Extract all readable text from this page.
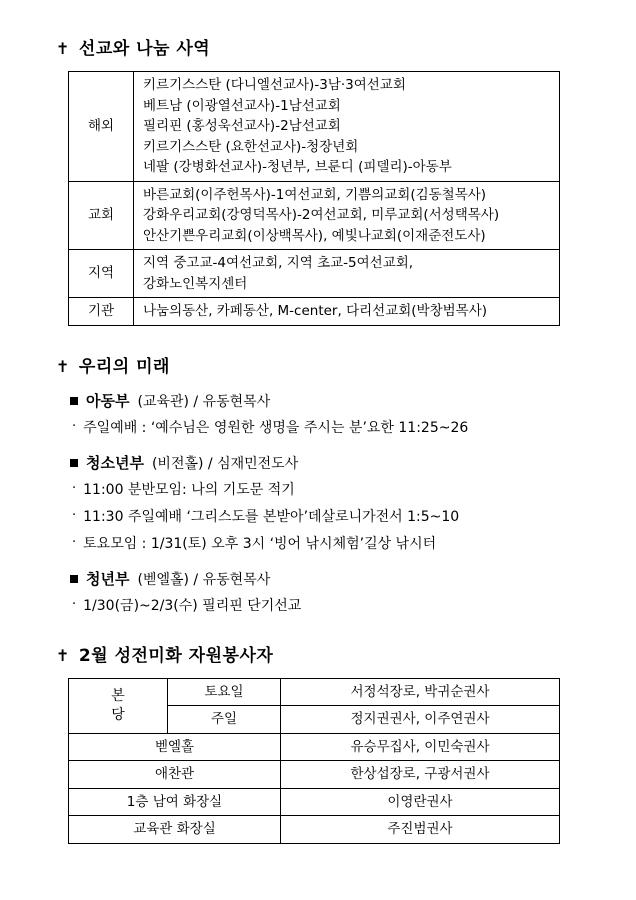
✝ 선교와 나눔 사역
해외	키르기스스탄 (다니엘선교사)-3남·3여선교회
베트남 (이광열선교사)-1남선교회
필리핀 (홍성욱선교사)-2남선교회
키르기스스탄 (요한선교사)-청장년회
네팔 (강병화선교사)-청년부, 브룬디 (피델리)-아동부

교회	바른교회(이주헌목사)-1여선교회, 기쁨의교회(김동철목사)
강화우리교회(강영덕목사)-2여선교회, 미루교회(서성택목사)
안산기쁜우리교회(이상백목사), 예빛나교회(이재준전도사)

지역	지역 중고교-4여선교회, 지역 초교-5여선교회,
강화노인복지센터

기관	나눔의동산, 카페동산, M-center, 다리선교회(박창범목사)
✝ 우리의 미래
아동부 (교육관) / 유동현목사
· 주일예배 : ‘예수님은 영원한 생명을 주시는 분’요한 11:25~26
청소년부 (비전홀) / 심재민전도사
· 11:00 분반모임: 나의 기도문 적기
· 11:30 주일예배 ‘그리스도를 본받아’데살로니가전서 1:5~10
· 토요모임 : 1/31(토) 오후 3시 ‘빙어 낚시체험’길상 낚시터
청년부 (벧엘홀) / 유동현목사
· 1/30(금)~2/3(수) 필리핀 단기선교
✝ 2월 성전미화 자원봉사자
본
당	토요일	서정석장로, 박귀순권사
	주일	정지권권사, 이주연권사
벧엘홀		유승무집사, 이민숙권사
애찬관		한상섭장로, 구광서권사
1층 남여 화장실		이영란권사
교육관 화장실		주진범권사
